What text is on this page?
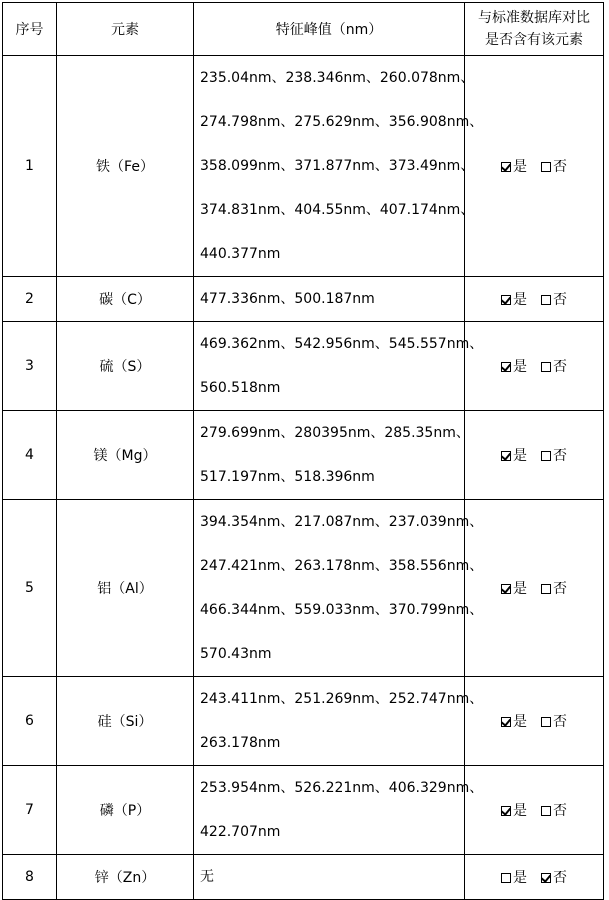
序号	元素	特征峰值（nm）	与标准数据库对比
是否含有该元素

1	铁（Fe）	235.04nm、238.346nm、260.078nm、
274.798nm、275.629nm、356.908nm、
358.099nm、371.877nm、373.49nm、
374.831nm、404.55nm、407.174nm、
440.377nm	是 否
2	碳（C）	477.336nm、500.187nm	是 否
3	硫（S）	469.362nm、542.956nm、545.557nm、
560.518nm	是 否
4	镁（Mg）	279.699nm、280395nm、285.35nm、
517.197nm、518.396nm	是 否
5	铝（Al）	394.354nm、217.087nm、237.039nm、
247.421nm、263.178nm、358.556nm、
466.344nm、559.033nm、370.799nm、
570.43nm	是 否
6	硅（Si）	243.411nm、251.269nm、252.747nm、
263.178nm	是 否
7	磷（P）	253.954nm、526.221nm、406.329nm、
422.707nm	是 否
8	锌（Zn）	无	是 否
